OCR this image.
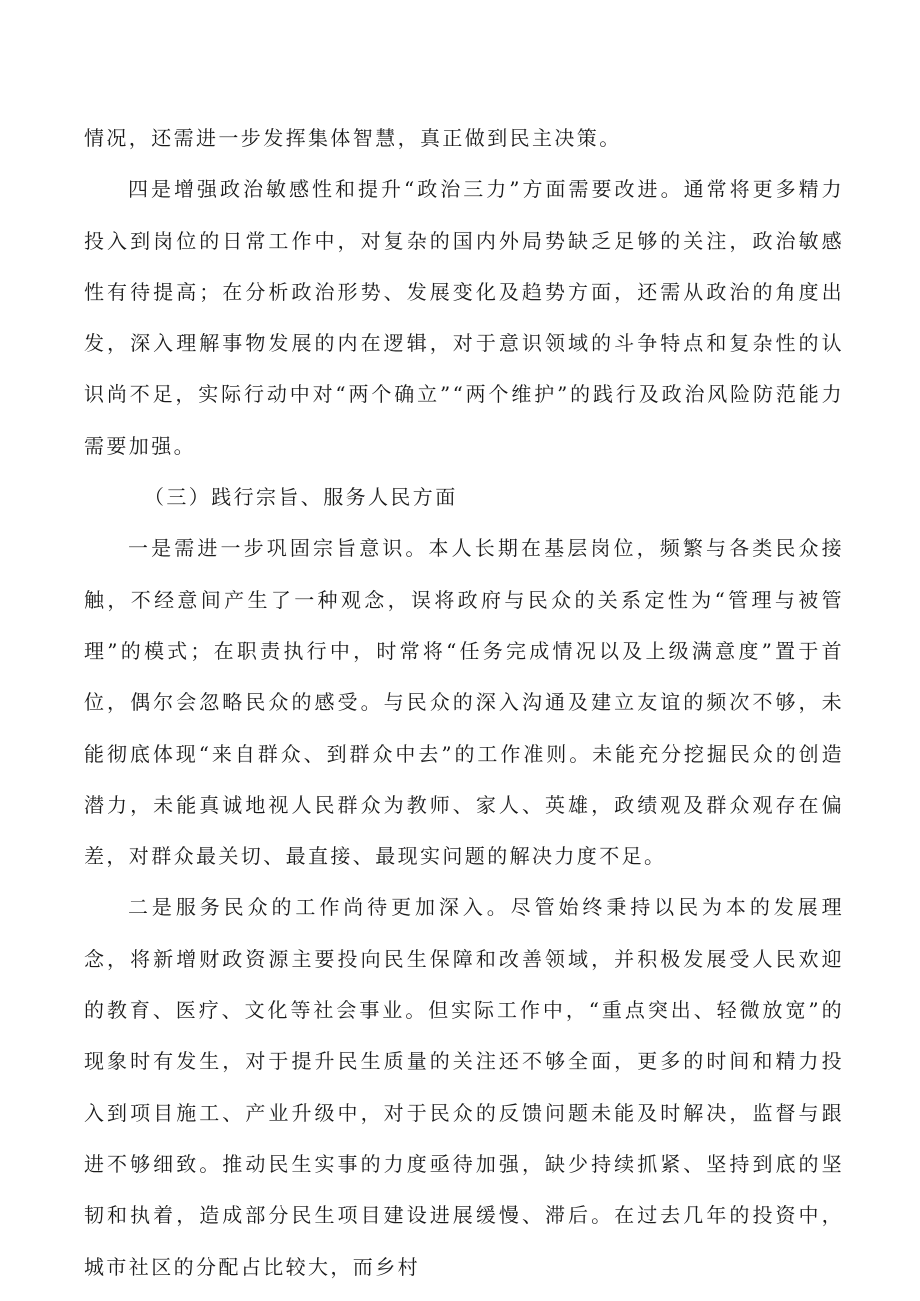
情况，还需进一步发挥集体智慧，真正做到民主决策。

四是增强政治敏感性和提升“政治三力”方面需要改进。通常将更多精力投入到岗位的日常工作中，对复杂的国内外局势缺乏足够的关注，政治敏感性有待提高；在分析政治形势、发展变化及趋势方面，还需从政治的角度出发，深入理解事物发展的内在逻辑，对于意识领域的斗争特点和复杂性的认识尚不足，实际行动中对“两个确立”“两个维护”的践行及政治风险防范能力需要加强。

（三）践行宗旨、服务人民方面

一是需进一步巩固宗旨意识。本人长期在基层岗位，频繁与各类民众接触，不经意间产生了一种观念，误将政府与民众的关系定性为“管理与被管理”的模式；在职责执行中，时常将“任务完成情况以及上级满意度”置于首位，偶尔会忽略民众的感受。与民众的深入沟通及建立友谊的频次不够，未能彻底体现“来自群众、到群众中去”的工作准则。未能充分挖掘民众的创造潜力，未能真诚地视人民群众为教师、家人、英雄，政绩观及群众观存在偏差，对群众最关切、最直接、最现实问题的解决力度不足。

二是服务民众的工作尚待更加深入。尽管始终秉持以民为本的发展理念，将新增财政资源主要投向民生保障和改善领域，并积极发展受人民欢迎的教育、医疗、文化等社会事业。但实际工作中，“重点突出、轻微放宽”的现象时有发生，对于提升民生质量的关注还不够全面，更多的时间和精力投入到项目施工、产业升级中，对于民众的反馈问题未能及时解决，监督与跟进不够细致。推动民生实事的力度亟待加强，缺少持续抓紧、坚持到底的坚韧和执着，造成部分民生项目建设进展缓慢、滞后。在过去几年的投资中，城市社区的分配占比较大，而乡村
